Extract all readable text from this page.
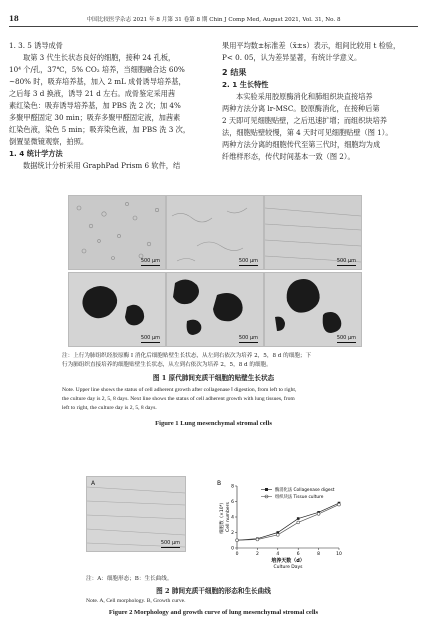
18	中国比较医学杂志 2021 年 8 月第 31 卷第 8 期 Chin J Comp Med, August 2021, Vol. 31, No. 8

1. 3. 5 诱导成骨

取第 3 代生长状态良好的细胞，接种 24 孔板，

10⁴ 个/孔，37℃，5% CO₂ 培养，当细胞融合达 60%

~80% 时，吸弃培养基，加入 2 mL 成骨诱导培养基，

之后每 3 d 换液，诱导 21 d 左右。成骨鉴定采用茜

素红染色：吸弃诱导培养基，加 PBS 洗 2 次；加 4%

多聚甲醛固定 30 min；吸弃多聚甲醛固定液，加茜素

红染色液，染色 5 min；吸弃染色液，加 PBS 洗 3 次，

倒置显微镜观察，拍照。

1. 4 统计学方法

数据统计分析采用 GraphPad Prism 6 软件，结

果用平均数±标准差（x̄±s）表示，组间比较用 t 检验，

P< 0. 05，认为差异显著，有统计学意义。

2 结果

2. 1 生长特性

本实验采用胶原酶消化和肺组织块直接培养

两种方法分离 lr-MSC。胶原酶消化，在接种后第

2 天即可见细胞贴壁，之后迅速扩增；而组织块培养

法，细胞贴壁较慢，第 4 天时可见细胞贴壁（图 1）。

两种方法分离的细胞传代至第三代时，细胞均为成

纤维样形态，传代时间基本一致（图 2）。

500 μm	500 μm	500 μm
500 μm	500 μm	500 μm
注：上行为肺组织经胶原酶 Ⅰ 消化后细胞贴壁生长状态，从左到右依次为培养 2，5，8 d 的细胞；下
行为肺组织直接培养的细胞贴壁生长状态，从左到右依次为培养 2，5，8 d 的细胞。
图 1 原代肺间充质干细胞的贴壁生长状态
Note. Upper line shows the status of cell adherent growth after collagenase Ⅰ digestion, from left to right,
the culture day is 2, 5, 8 days. Next line shows the status of cell adherent growth with lung tissues, from
left to right, the culture day is 2, 5, 8 days.
Figure 1 Lung mesenchymal stromal cells
A
500 μm
B
0	2	4	6	8	10
0
2
4
6
8
培养天数（d）
Culture Days
细胞数（×10⁴） Cell numbers
酶消化法 Collagenase digest
组织块法 Tissue culture
注：A：细胞形态；B：生长曲线。
图 2 肺间充质干细胞的形态和生长曲线
Note. A, Cell morphology. B, Growth curve.
Figure 2 Morphology and growth curve of lung mesenchymal stromal cells
